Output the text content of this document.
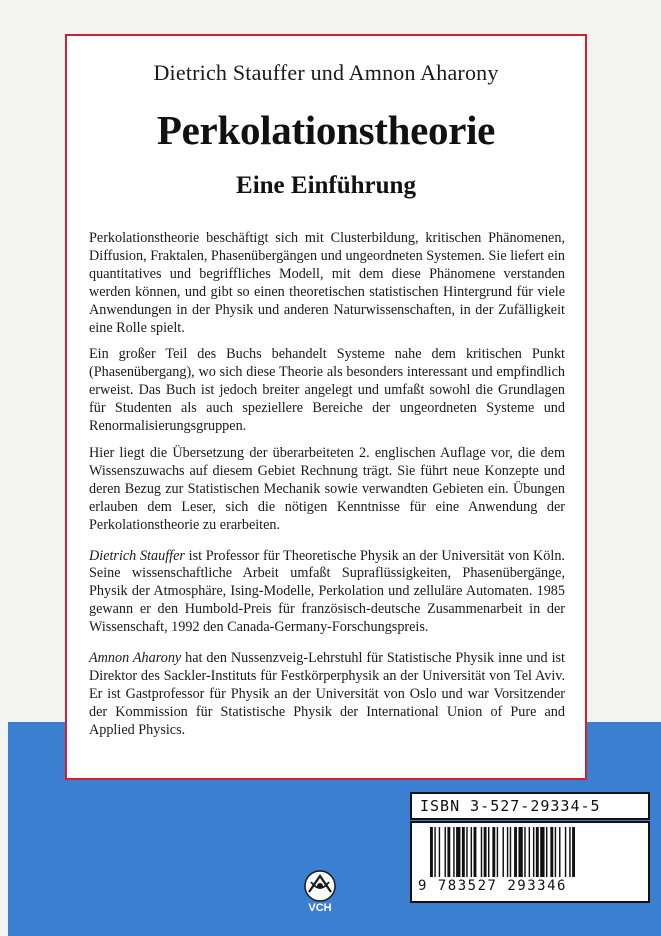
Dietrich Stauffer und Amnon Aharony
Perkolationstheorie
Eine Einführung

Perkolationstheorie beschäftigt sich mit Clusterbildung, kritischen Phänomenen, Diffusion, Fraktalen, Phasenübergängen und ungeordneten Systemen. Sie liefert ein quantitatives und begriffliches Modell, mit dem diese Phänomene verstanden werden können, und gibt so einen theoretischen statistischen Hintergrund für viele Anwendungen in der Physik und anderen Naturwissenschaften, in der Zufälligkeit eine Rolle spielt.

Ein großer Teil des Buchs behandelt Systeme nahe dem kritischen Punkt (Phasenübergang), wo sich diese Theorie als besonders interessant und empfindlich erweist. Das Buch ist jedoch breiter angelegt und umfaßt sowohl die Grundlagen für Studenten als auch speziellere Bereiche der ungeordneten Systeme und Renormalisierungsgruppen.

Hier liegt die Übersetzung der überarbeiteten 2. englischen Auflage vor, die dem Wissenszuwachs auf diesem Gebiet Rechnung trägt. Sie führt neue Konzepte und deren Bezug zur Statistischen Mechanik sowie verwandten Gebieten ein. Übungen erlauben dem Leser, sich die nötigen Kenntnisse für eine Anwendung der Perkolationstheorie zu erarbeiten.

Dietrich Stauffer ist Professor für Theoretische Physik an der Universität von Köln. Seine wissenschaftliche Arbeit umfaßt Supraflüssigkeiten, Phasenübergänge, Physik der Atmosphäre, Ising-Modelle, Perkolation und zelluläre Automaten. 1985 gewann er den Humbold-Preis für französisch-deutsche Zusammenarbeit in der Wissenschaft, 1992 den Canada-Germany-Forschungspreis.

Amnon Aharony hat den Nussenzveig-Lehrstuhl für Statistische Physik inne und ist Direktor des Sackler-Instituts für Festkörperphysik an der Universität von Tel Aviv. Er ist Gastprofessor für Physik an der Universität von Oslo und war Vorsitzender der Kommission für Statistische Physik der International Union of Pure and Applied Physics.

ISBN 3-527-29334-5
9 783527 293346
VCH
